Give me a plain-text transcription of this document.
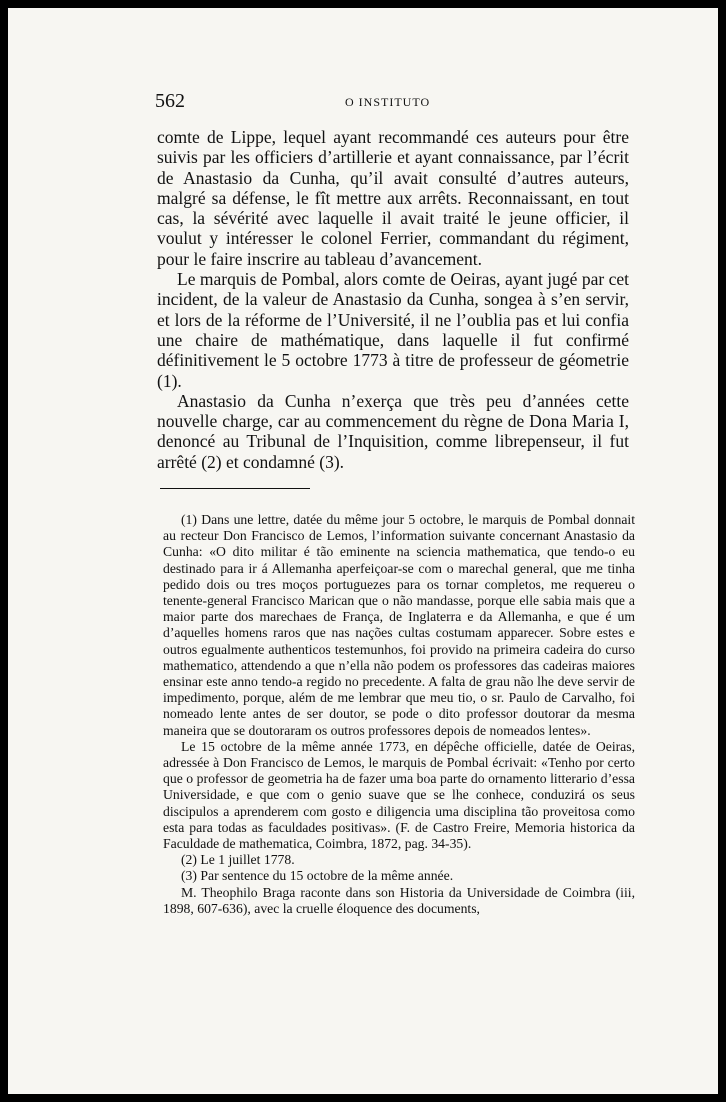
562	O INSTITUTO

comte de Lippe, lequel ayant recommandé ces auteurs pour être suivis par les officiers d’artillerie et ayant connaissance, par l’écrit de Anastasio da Cunha, qu’il avait consulté d’autres auteurs, malgré sa défense, le fît mettre aux arrêts. Reconnaissant, en tout cas, la sévérité avec laquelle il avait traité le jeune officier, il voulut y intéresser le colonel Ferrier, commandant du régiment, pour le faire inscrire au tableau d’avancement.

Le marquis de Pombal, alors comte de Oeiras, ayant jugé par cet incident, de la valeur de Anastasio da Cunha, songea à s’en servir, et lors de la réforme de l’Université, il ne l’oublia pas et lui confia une chaire de mathématique, dans laquelle il fut confirmé définitivement le 5 octobre 1773 à titre de professeur de géometrie (1).

Anastasio da Cunha n’exerça que très peu d’années cette nouvelle charge, car au commencement du règne de Dona Maria I, denoncé au Tribunal de l’Inquisition, comme librepenseur, il fut arrêté (2) et condamné (3).

(1) Dans une lettre, datée du même jour 5 octobre, le marquis de Pombal donnait au recteur Don Francisco de Lemos, l’information suivante concernant Anastasio da Cunha: «O dito militar é tão eminente na sciencia mathematica, que tendo-o eu destinado para ir á Allemanha aperfeiçoar-se com o marechal general, que me tinha pedido dois ou tres moços portuguezes para os tornar completos, me requereu o tenente-general Francisco Marican que o não mandasse, porque elle sabia mais que a maior parte dos marechaes de França, de Inglaterra e da Allemanha, e que é um d’aquelles homens raros que nas nações cultas costumam apparecer. Sobre estes e outros egualmente authenticos testemunhos, foi provido na primeira cadeira do curso mathematico, attendendo a que n’ella não podem os professores das cadeiras maiores ensinar este anno tendo-a regido no precedente. A falta de grau não lhe deve servir de impedimento, porque, além de me lembrar que meu tio, o sr. Paulo de Carvalho, foi nomeado lente antes de ser doutor, se pode o dito professor doutorar da mesma maneira que se doutoraram os outros professores depois de nomeados lentes».

Le 15 octobre de la même année 1773, en dépêche officielle, datée de Oeiras, adressée à Don Francisco de Lemos, le marquis de Pombal écrivait: «Tenho por certo que o professor de geometria ha de fazer uma boa parte do ornamento litterario d’essa Universidade, e que com o genio suave que se lhe conhece, conduzirá os seus discipulos a aprenderem com gosto e diligencia uma disciplina tão proveitosa como esta para todas as faculdades positivas». (F. de Castro Freire, Memoria historica da Faculdade de mathematica, Coimbra, 1872, pag. 34-35).

(2) Le 1 juillet 1778.

(3) Par sentence du 15 octobre de la même année.

M. Theophilo Braga raconte dans son Historia da Universidade de Coimbra (iii, 1898, 607-636), avec la cruelle éloquence des documents,
